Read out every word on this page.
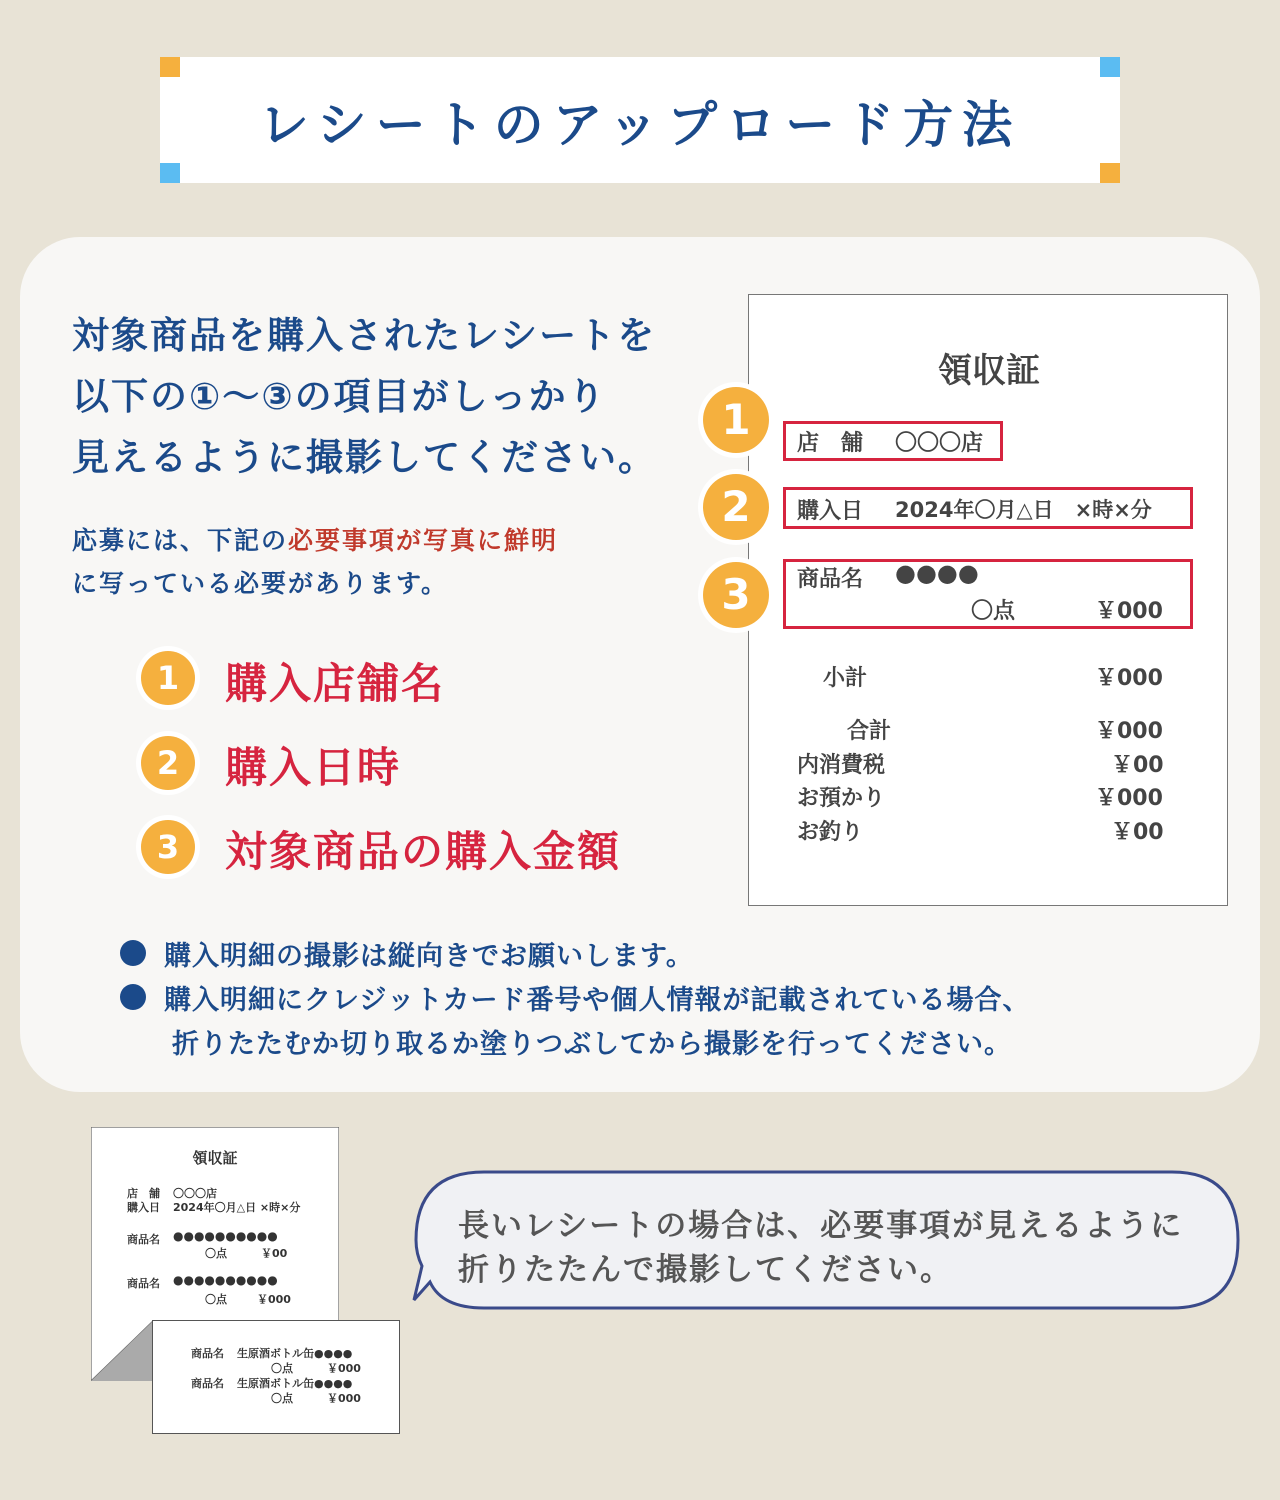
レシートのアップロード方法
対象商品を購入されたレシートを
以下の①～③の項目がしっかり
見えるように撮影してください。
応募には、下記の必要事項が写真に鮮明
に写っている必要があります。
1	購入店舗名
2	購入日時
3	対象商品の購入金額
領収証
店　舗 〇〇〇店
購入日 2024年〇月△日　×時×分
商品名 ●●●●
〇点	￥000
小計	￥000
合計	￥000
内消費税	￥00
お預かり	￥000
お釣り	￥00
1
2
3
購入明細の撮影は縦向きでお願いします。
購入明細にクレジットカード番号や個人情報が記載されている場合、
折りたたむか切り取るか塗りつぶしてから撮影を行ってください。
領収証
店　舗 〇〇〇店
購入日 2024年〇月△日 ×時×分
商品名 ●●●●●●●●●●
〇点	￥00
商品名 ●●●●●●●●●●
〇点	￥000
商品名 生原酒ボトル缶●●●●
〇点	￥000
商品名 生原酒ボトル缶●●●●
〇点	￥000
長いレシートの場合は、必要事項が見えるように
折りたたんで撮影してください。
